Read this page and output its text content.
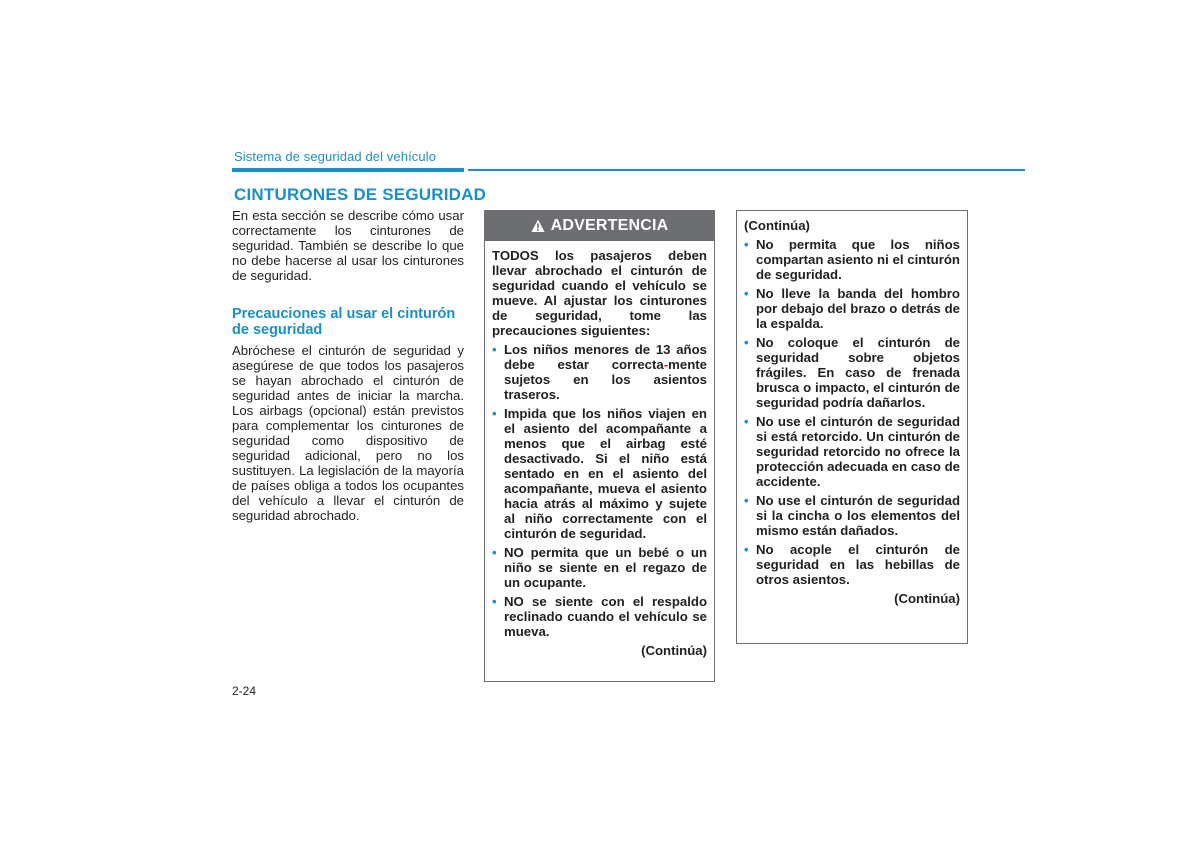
Sistema de seguridad del vehículo
CINTURONES DE SEGURIDAD
En esta sección se describe cómo usar correctamente los cinturones de seguridad. También se describe lo que no debe hacerse al usar los cinturones de seguridad.
Precauciones al usar el cinturón de seguridad
Abróchese el cinturón de seguridad y asegúrese de que todos los pasajeros se hayan abrochado el cinturón de seguridad antes de iniciar la marcha. Los airbags (opcional) están previstos para complementar los cinturones de seguridad como dispositivo de seguridad adicional, pero no los sustituyen. La legislación de la mayoría de países obliga a todos los ocupantes del vehículo a llevar el cinturón de seguridad abrochado.
2-24
ADVERTENCIA
TODOS los pasajeros deben llevar abrochado el cinturón de seguridad cuando el vehículo se mueve. Al ajustar los cinturones de seguridad, tome las precauciones siguientes:
• Los niños menores de 13 años debe estar correcta-mente sujetos en los asientos traseros.
• Impida que los niños viajen en el asiento del acompañante a menos que el airbag esté desactivado. Si el niño está sentado en en el asiento del acompañante, mueva el asiento hacia atrás al máximo y sujete al niño correctamente con el cinturón de seguridad.
• NO permita que un bebé o un niño se siente en el regazo de un ocupante.
• NO se siente con el respaldo reclinado cuando el vehículo se mueva.
(Continúa)
(Continúa)
• No permita que los niños compartan asiento ni el cinturón de seguridad.
• No lleve la banda del hombro por debajo del brazo o detrás de la espalda.
• No coloque el cinturón de seguridad sobre objetos frágiles. En caso de frenada brusca o impacto, el cinturón de seguridad podría dañarlos.
• No use el cinturón de seguridad si está retorcido. Un cinturón de seguridad retorcido no ofrece la protección adecuada en caso de accidente.
• No use el cinturón de seguridad si la cincha o los elementos del mismo están dañados.
• No acople el cinturón de seguridad en las hebillas de otros asientos.
(Continúa)
